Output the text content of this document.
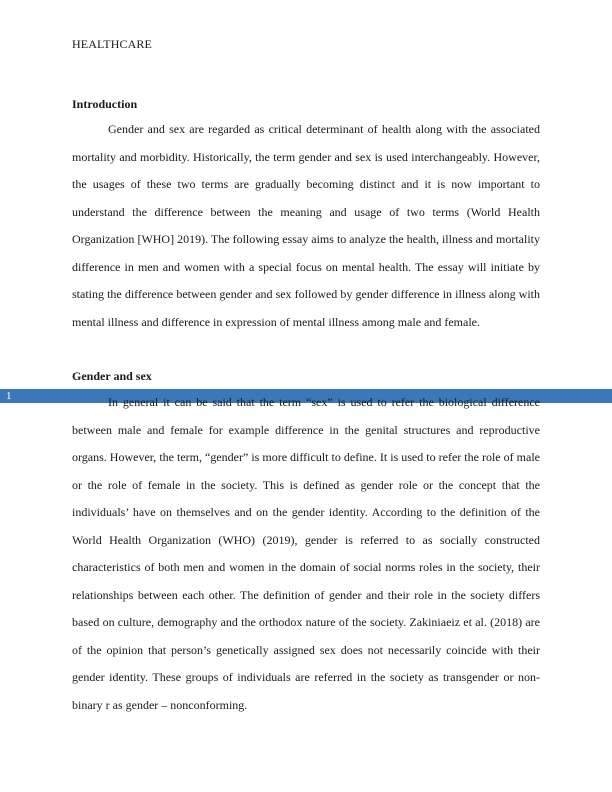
HEALTHCARE
Introduction

Gender and sex are regarded as critical determinant of health along with the associated mortality and morbidity. Historically, the term gender and sex is used interchangeably. However, the usages of these two terms are gradually becoming distinct and it is now important to understand the difference between the meaning and usage of two terms (World Health Organization [WHO] 2019). The following essay aims to analyze the health, illness and mortality difference in men and women with a special focus on mental health. The essay will initiate by stating the difference between gender and sex followed by gender difference in illness along with mental illness and difference in expression of mental illness among male and female.

Gender and sex
1	In general it can be said that the term “sex” is used to refer the biological difference between male and female for example difference in the genital structures and reproductive organs. However, the term, “gender” is more difficult to define. It is used to refer the role of male or the role of female in the society. This is defined as gender role or the concept that the individuals’ have on themselves and on the gender identity. According to the definition of the World Health Organization (WHO) (2019), gender is referred to as socially constructed characteristics of both men and women in the domain of social norms roles in the society, their relationships between each other. The definition of gender and their role in the society differs based on culture, demography and the orthodox nature of the society. Zakiniaeiz et al. (2018) are of the opinion that person’s genetically assigned sex does not necessarily coincide with their gender identity. These groups of individuals are referred in the society as transgender or non-binary r as gender – nonconforming.
